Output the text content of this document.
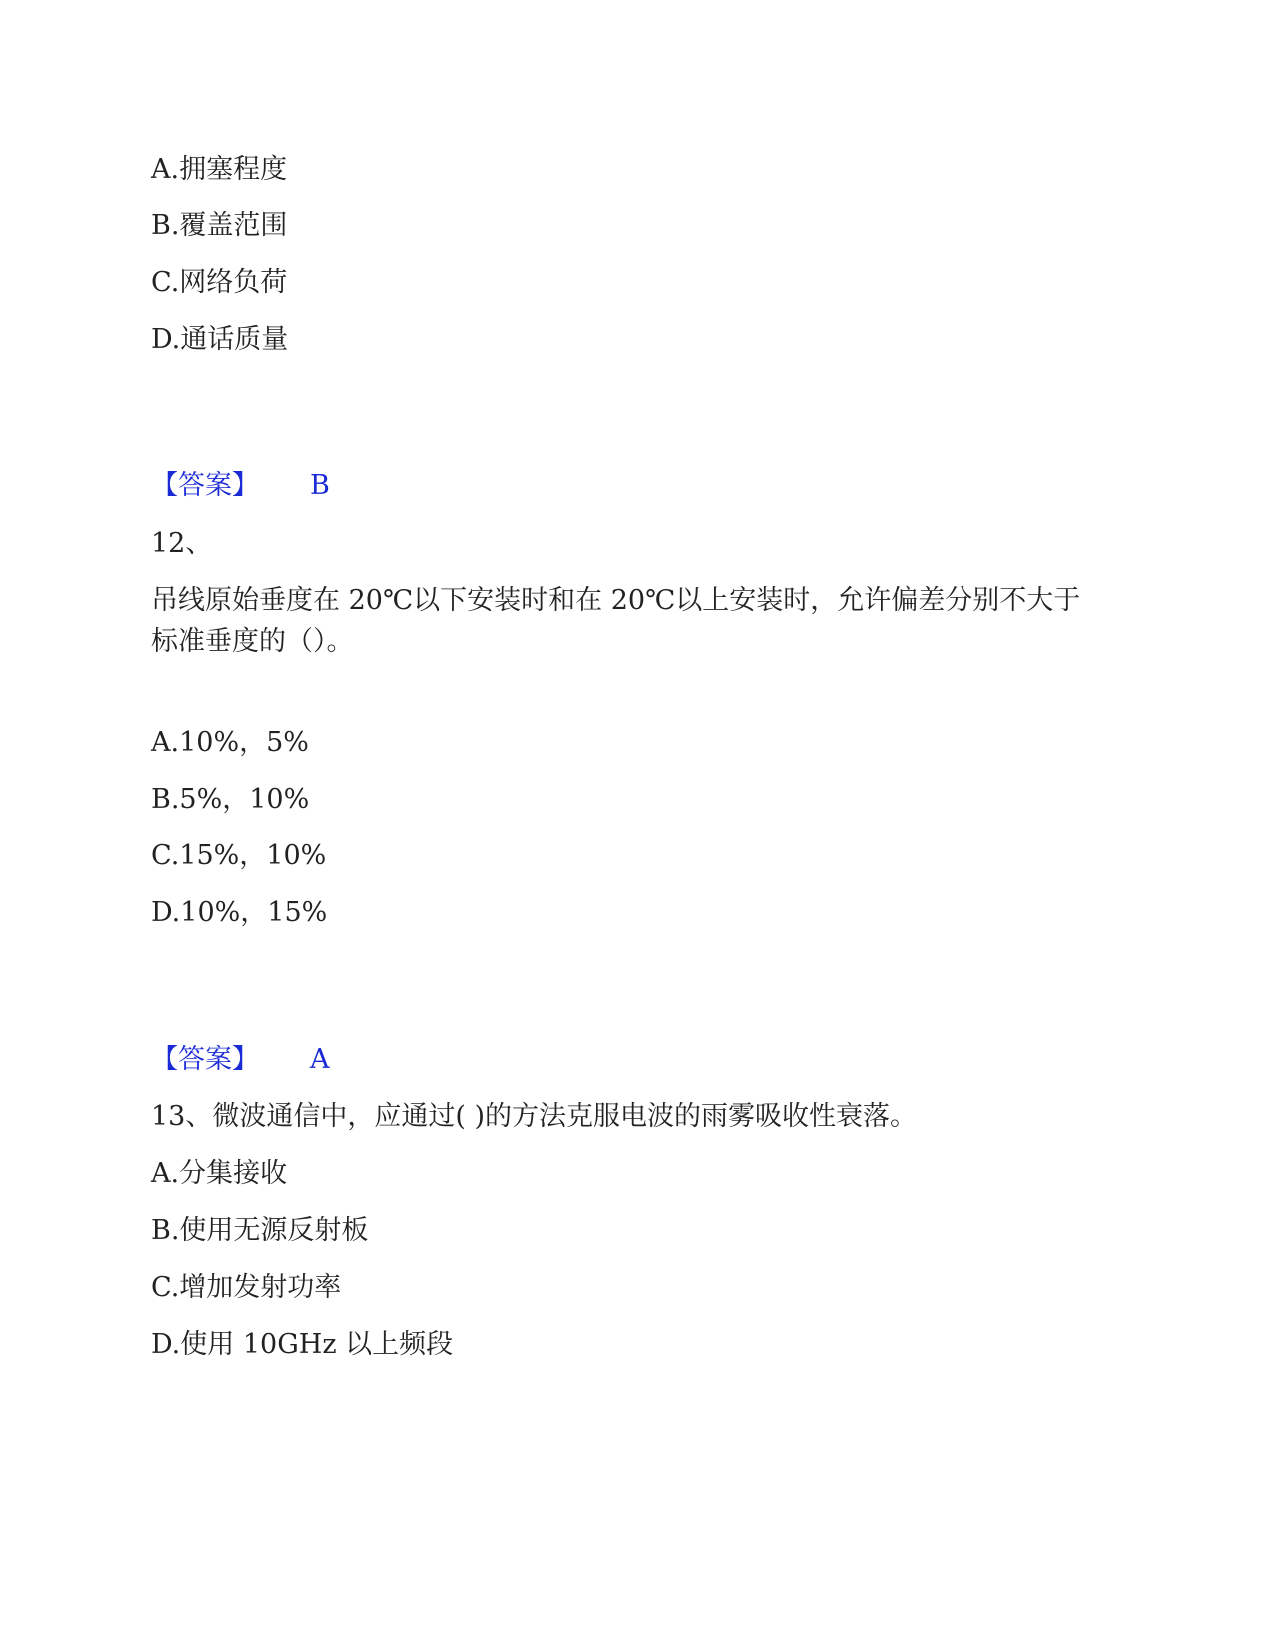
A.拥塞程度
B.覆盖范围
C.网络负荷
D.通话质量
【答案】 B
12、
吊线原始垂度在 20℃以下安装时和在 20℃以上安装时，允许偏差分别不大于
标准垂度的（）。
A.10%，5%
B.5%，10%
C.15%，10%
D.10%，15%
【答案】 A
13、微波通信中，应通过( )的方法克服电波的雨雾吸收性衰落。
A.分集接收
B.使用无源反射板
C.增加发射功率
D.使用 10GHz 以上频段
